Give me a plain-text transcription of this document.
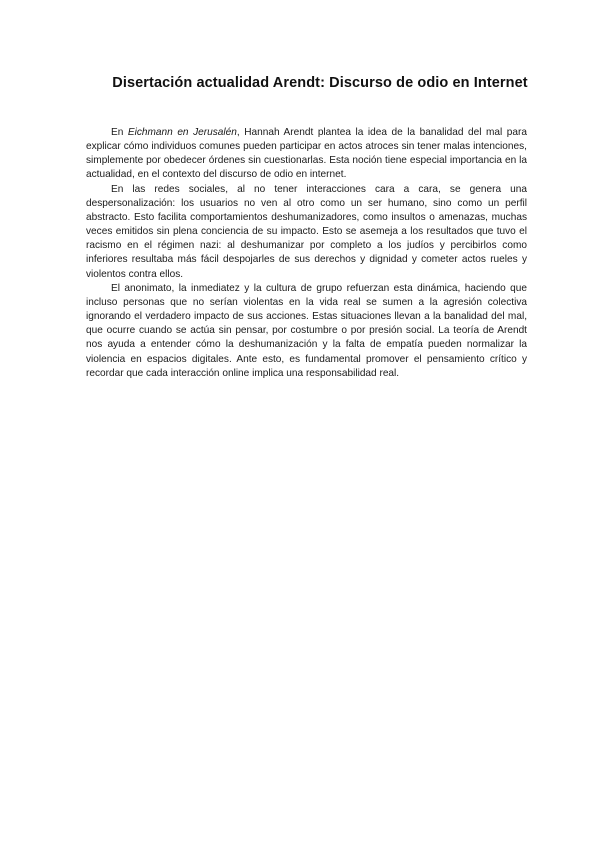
Disertación actualidad Arendt: Discurso de odio en Internet

En Eichmann en Jerusalén, Hannah Arendt plantea la idea de la banalidad del mal para explicar cómo individuos comunes pueden participar en actos atroces sin tener malas intenciones, simplemente por obedecer órdenes sin cuestionarlas. Esta noción tiene especial importancia en la actualidad, en el contexto del discurso de odio en internet.

En las redes sociales, al no tener interacciones cara a cara, se genera una despersonalización: los usuarios no ven al otro como un ser humano, sino como un perfil abstracto. Esto facilita comportamientos deshumanizadores, como insultos o amenazas, muchas veces emitidos sin plena conciencia de su impacto. Esto se asemeja a los resultados que tuvo el racismo en el régimen nazi: al deshumanizar por completo a los judíos y percibirlos como inferiores resultaba más fácil despojarles de sus derechos y dignidad y cometer actos rueles y violentos contra ellos.

El anonimato, la inmediatez y la cultura de grupo refuerzan esta dinámica, haciendo que incluso personas que no serían violentas en la vida real se sumen a la agresión colectiva ignorando el verdadero impacto de sus acciones. Estas situaciones llevan a la banalidad del mal, que ocurre cuando se actúa sin pensar, por costumbre o por presión social. La teoría de Arendt nos ayuda a entender cómo la deshumanización y la falta de empatía pueden normalizar la violencia en espacios digitales. Ante esto, es fundamental promover el pensamiento crítico y recordar que cada interacción online implica una responsabilidad real.
